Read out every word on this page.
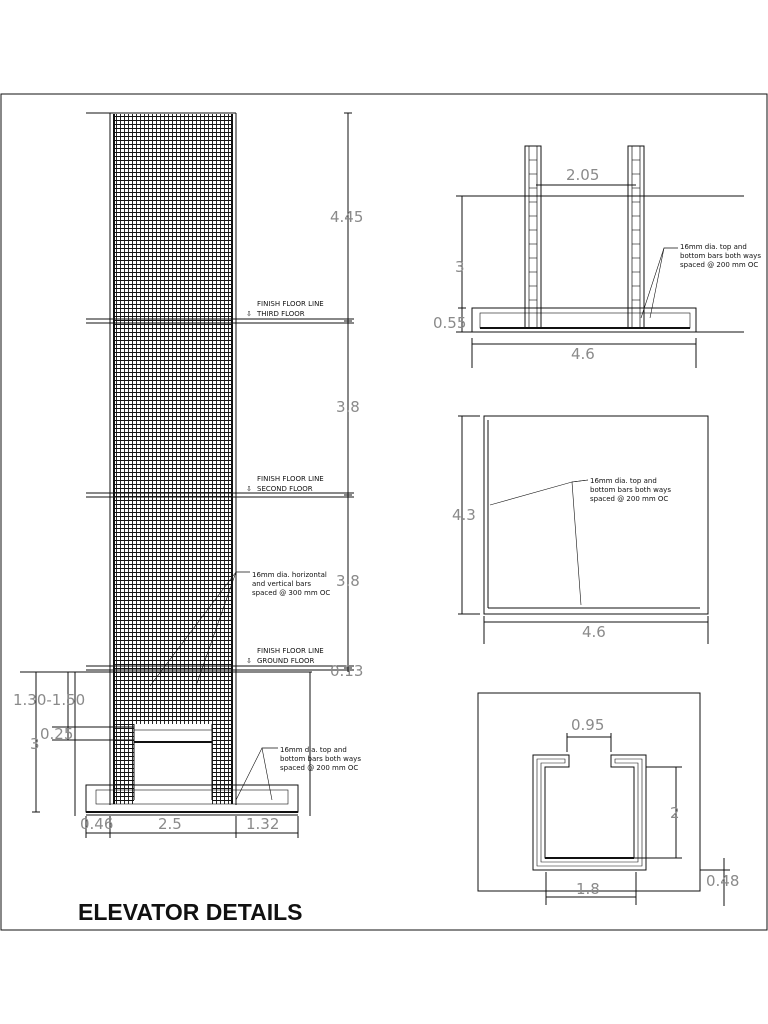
4.45
3.8
3.8
0.13
1.30-1.50
0.25
3
0.46	2.5	1.32
FINISH FLOOR LINE
⇩ THIRD FLOOR
FINISH FLOOR LINE
⇩ SECOND FLOOR
FINISH FLOOR LINE
⇩ GROUND FLOOR
16mm dia. horizontal
and vertical bars
spaced @ 300 mm OC
16mm dia. top and
bottom bars both ways
spaced @ 200 mm OC
2.05
3
0.55
4.6
16mm dia. top and
bottom bars both ways
spaced @ 200 mm OC
4.3
4.6
16mm dia. top and
bottom bars both ways
spaced @ 200 mm OC
0.95
2
1.8	0.48
ELEVATOR DETAILS
